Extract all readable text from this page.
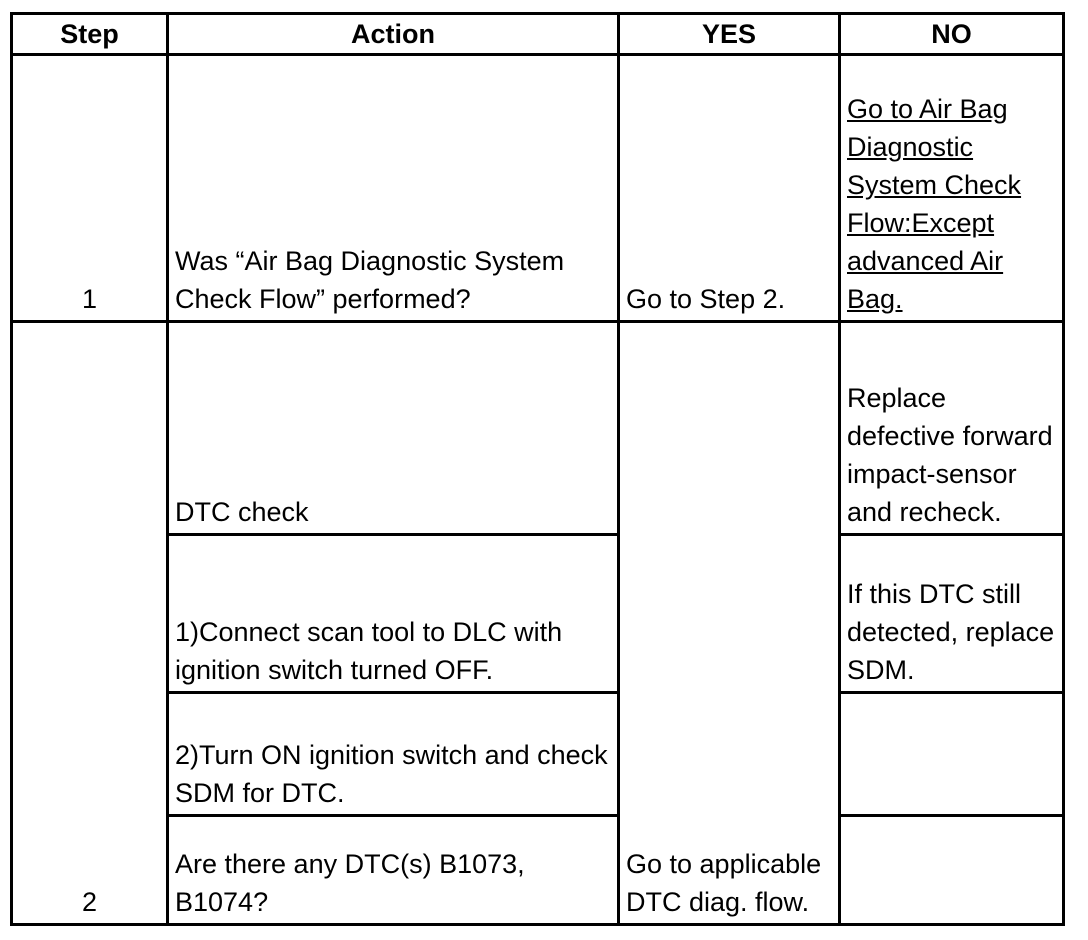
Step	Action	YES	NO
1	Was “Air Bag Diagnostic System Check Flow” performed?	Go to Step 2.	Go to Air Bag Diagnostic System Check Flow:Except advanced Air Bag.
2	DTC check	Go to applicable DTC diag. flow.	Replace defective forward impact-sensor and recheck.
	1)Connect scan tool to DLC with ignition switch turned OFF.		If this DTC still detected, replace SDM.
	2)Turn ON ignition switch and check SDM for DTC.		
	Are there any DTC(s) B1073, B1074?		
